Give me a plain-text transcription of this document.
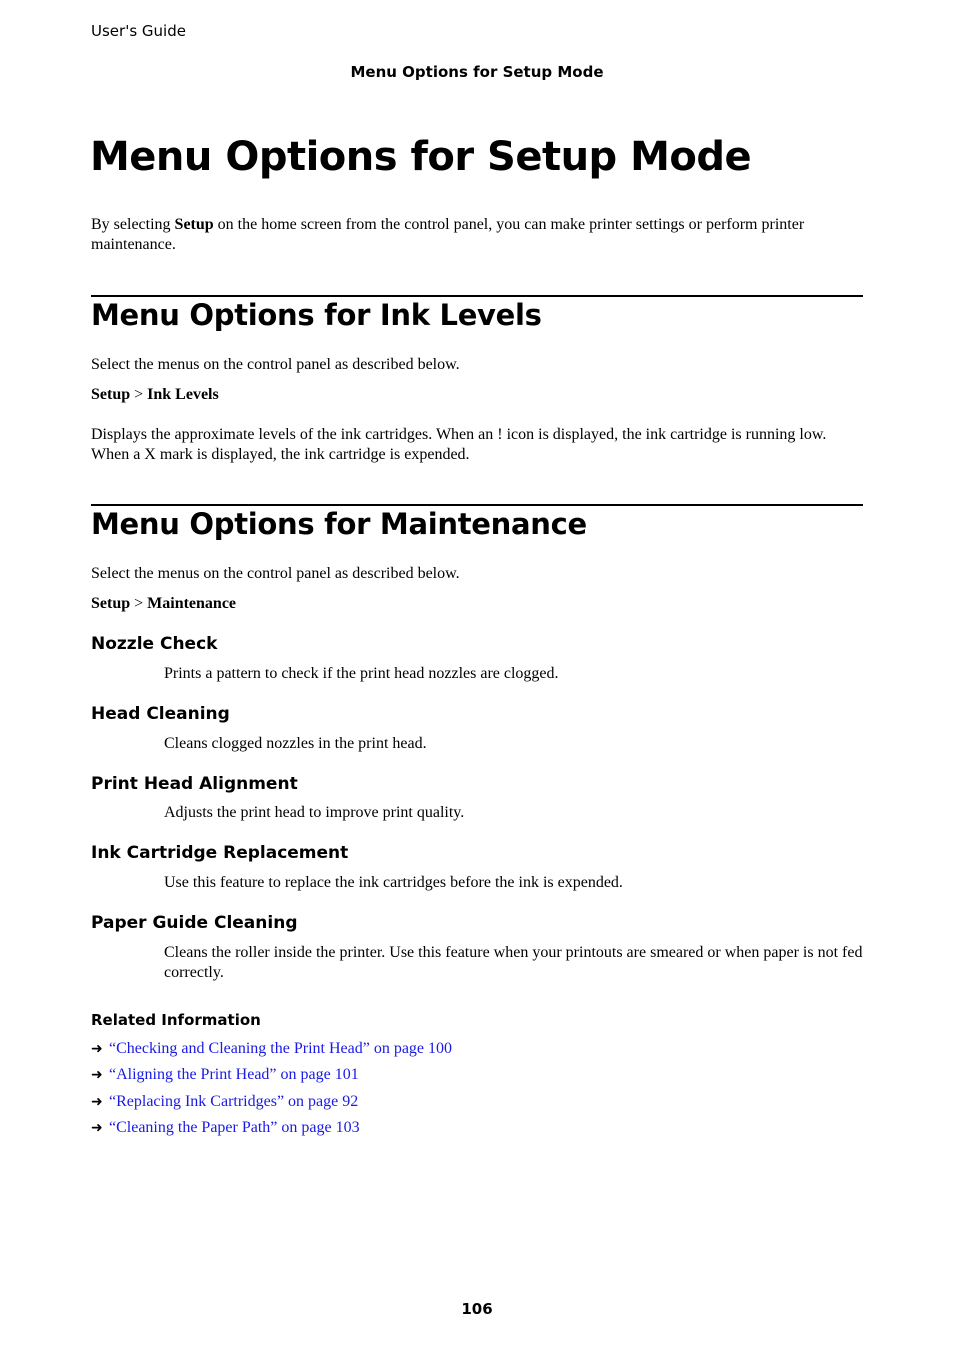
User's Guide
Menu Options for Setup Mode
Menu Options for Setup Mode
By selecting Setup on the home screen from the control panel, you can make printer settings or perform printer maintenance.
Menu Options for Ink Levels
Select the menus on the control panel as described below.
Setup > Ink Levels
Displays the approximate levels of the ink cartridges. When an ! icon is displayed, the ink cartridge is running low. When a X mark is displayed, the ink cartridge is expended.
Menu Options for Maintenance
Select the menus on the control panel as described below.
Setup > Maintenance
Nozzle Check
Prints a pattern to check if the print head nozzles are clogged.
Head Cleaning
Cleans clogged nozzles in the print head.
Print Head Alignment
Adjusts the print head to improve print quality.
Ink Cartridge Replacement
Use this feature to replace the ink cartridges before the ink is expended.
Paper Guide Cleaning
Cleans the roller inside the printer. Use this feature when your printouts are smeared or when paper is not fed correctly.
Related Information
➜ “Checking and Cleaning the Print Head” on page 100
➜ “Aligning the Print Head” on page 101
➜ “Replacing Ink Cartridges” on page 92
➜ “Cleaning the Paper Path” on page 103
106
